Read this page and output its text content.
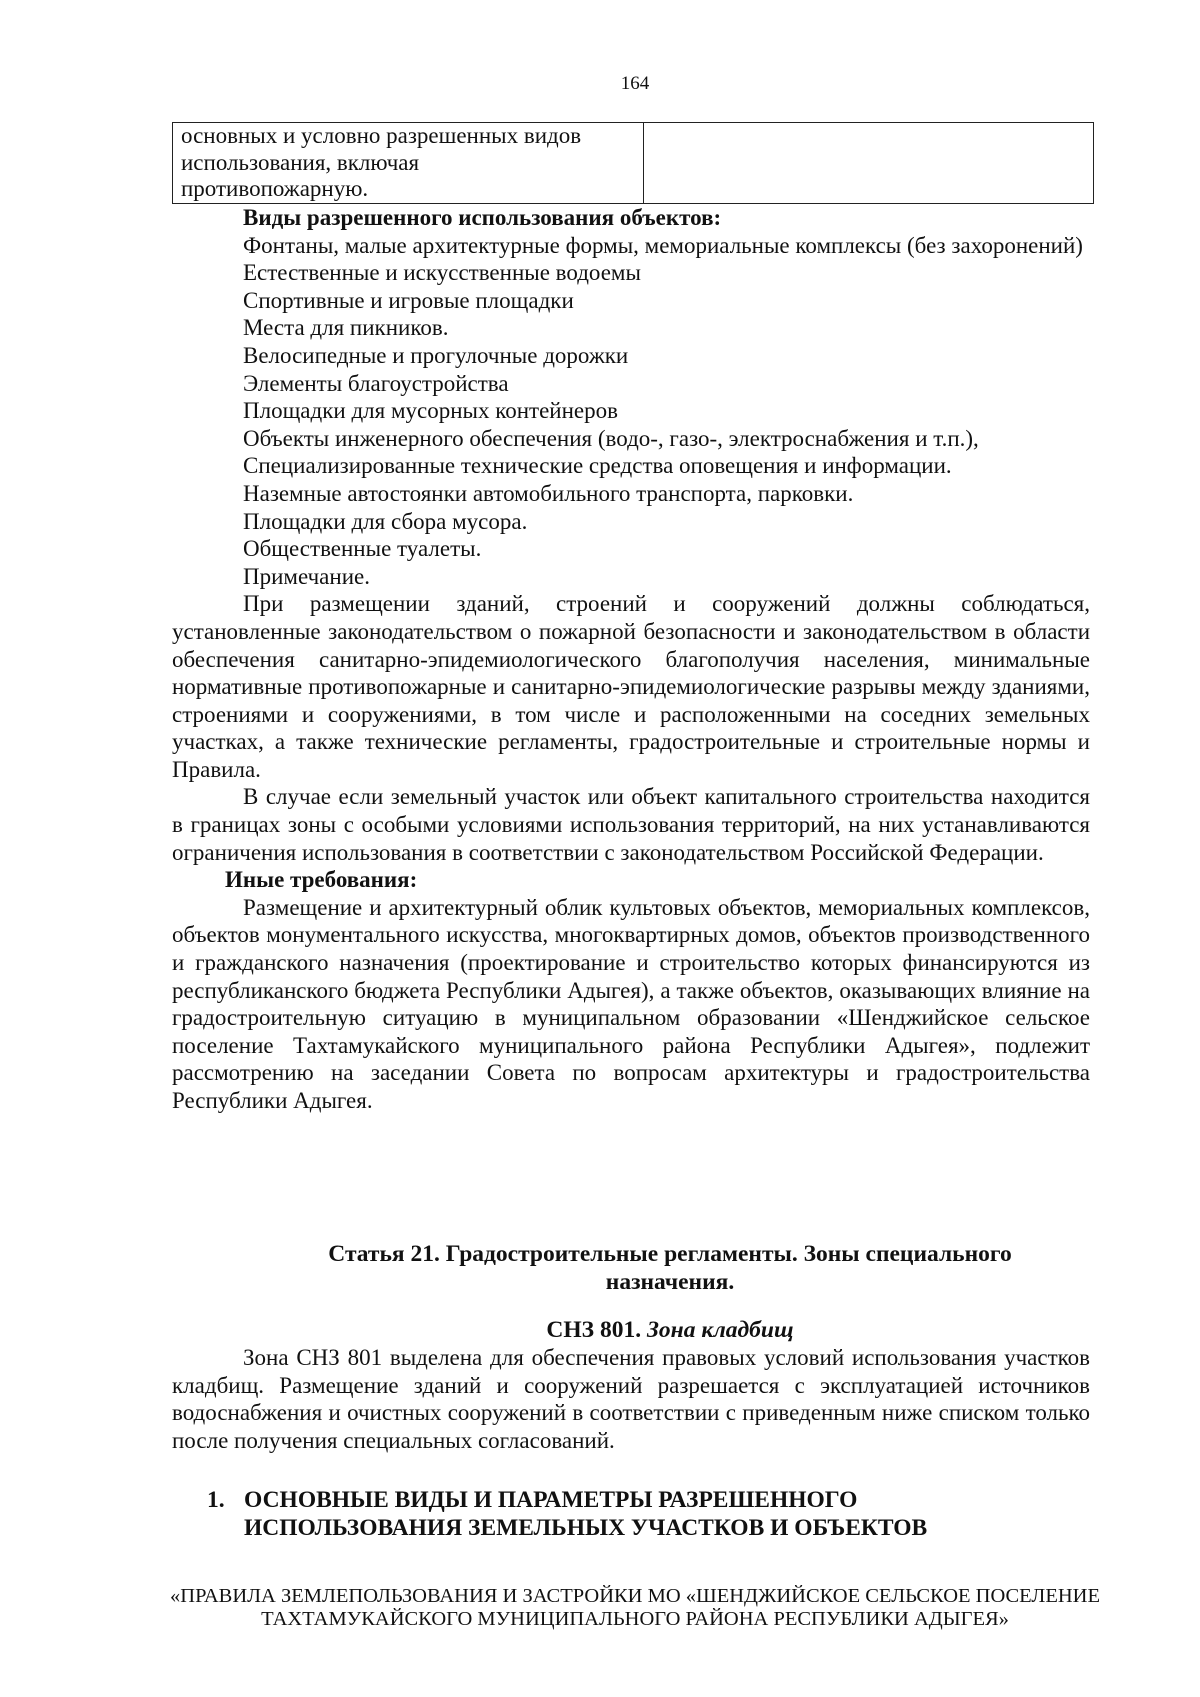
164
основных и условно разрешенных видов
использования, включая
противопожарную.

Виды разрешенного использования объектов:

Фонтаны, малые архитектурные формы, мемориальные комплексы (без захоронений)

Естественные и искусственные водоемы

Спортивные и игровые площадки

Места для пикников.

Велосипедные и прогулочные дорожки

Элементы благоустройства

Площадки для мусорных контейнеров

Объекты инженерного обеспечения (водо-, газо-, электроснабжения и т.п.),

Специализированные технические средства оповещения и информации.

Наземные автостоянки автомобильного транспорта, парковки.

Площадки для сбора мусора.

Общественные туалеты.

Примечание.

При размещении зданий, строений и сооружений должны соблюдаться, установленные законодательством о пожарной безопасности и законодательством в области обеспечения санитарно-эпидемиологического благополучия населения, минимальные нормативные противопожарные и санитарно-эпидемиологические разрывы между зданиями, строениями и сооружениями, в том числе и расположенными на соседних земельных участках, а также технические регламенты, градостроительные и строительные нормы и Правила.

В случае если земельный участок или объект капитального строительства находится в границах зоны с особыми условиями использования территорий, на них устанавливаются ограничения использования в соответствии с законодательством Российской Федерации.

Иные требования:

Размещение и архитектурный облик культовых объектов, мемориальных комплексов, объектов монументального искусства, многоквартирных домов, объектов производственного и гражданского назначения (проектирование и строительство которых финансируются из республиканского бюджета Республики Адыгея), а также объектов, оказывающих влияние на градостроительную ситуацию в муниципальном образовании «Шенджийское сельское поселение Тахтамукайского муниципального района Республики Адыгея», подлежит рассмотрению на заседании Совета по вопросам архитектуры и градостроительства Республики Адыгея.

Статья 21. Градостроительные регламенты. Зоны специального
назначения.
СНЗ 801. Зона кладбищ

Зона СНЗ 801 выделена для обеспечения правовых условий использования участков кладбищ. Размещение зданий и сооружений разрешается с эксплуатацией источников водоснабжения и очистных сооружений в соответствии с приведенным ниже списком только после получения специальных согласований.

1. ОСНОВНЫЕ ВИДЫ И ПАРАМЕТРЫ РАЗРЕШЕННОГО
ИСПОЛЬЗОВАНИЯ ЗЕМЕЛЬНЫХ УЧАСТКОВ И ОБЪЕКТОВ
«ПРАВИЛА ЗЕМЛЕПОЛЬЗОВАНИЯ И ЗАСТРОЙКИ МО «ШЕНДЖИЙСКОЕ СЕЛЬСКОЕ ПОСЕЛЕНИЕ
ТАХТАМУКАЙСКОГО МУНИЦИПАЛЬНОГО РАЙОНА РЕСПУБЛИКИ АДЫГЕЯ»
